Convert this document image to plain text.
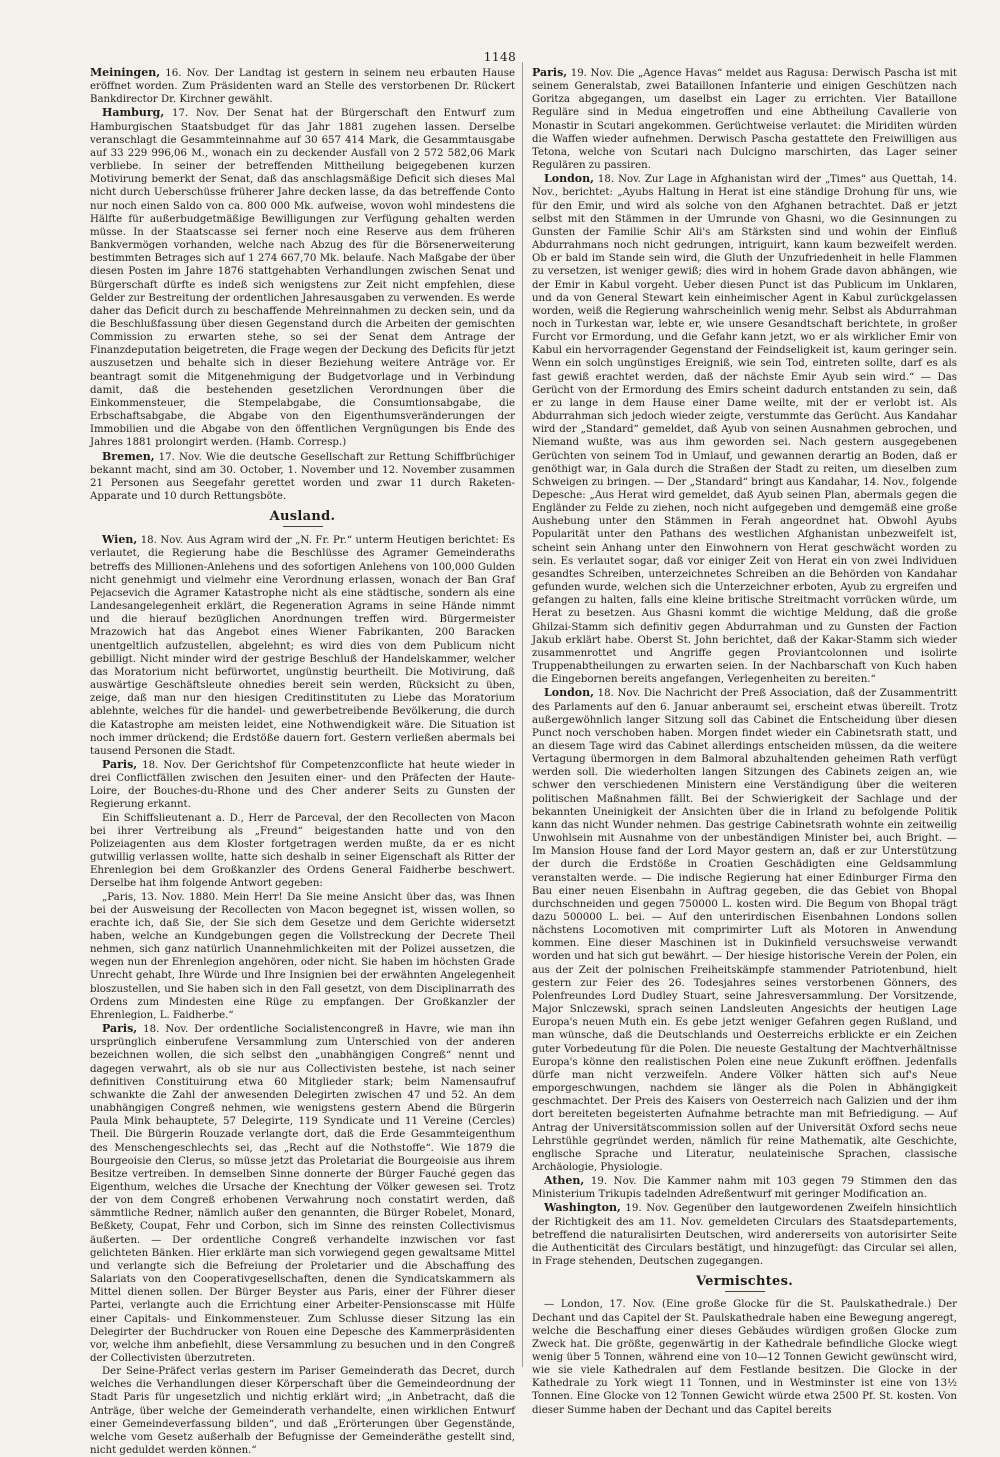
1148

Meiningen, 16. Nov. Der Landtag ist gestern in seinem neu erbauten Hause eröffnet worden. Zum Präsidenten ward an Stelle des verstorbenen Dr. Rückert Bankdirector Dr. Kirchner gewählt.

Hamburg, 17. Nov. Der Senat hat der Bürgerschaft den Entwurf zum Hamburgischen Staatsbudget für das Jahr 1881 zugehen lassen. Derselbe veranschlagt die Gesammteinnahme auf 30 657 414 Mark, die Gesammtausgabe auf 33 229 996,06 M., wonach ein zu deckender Ausfall von 2 572 582,06 Mark verbliebe. In seiner der betreffenden Mittheilung beigegebenen kurzen Motivirung bemerkt der Senat, daß das anschlagsmäßige Deficit sich dieses Mal nicht durch Ueberschüsse früherer Jahre decken lasse, da das betreffende Conto nur noch einen Saldo von ca. 800 000 Mk. aufweise, wovon wohl mindestens die Hälfte für außerbudgetmäßige Bewilligungen zur Verfügung gehalten werden müsse. In der Staatscasse sei ferner noch eine Reserve aus dem früheren Bankvermögen vorhanden, welche nach Abzug des für die Börsenerweiterung bestimmten Betrages sich auf 1 274 667,70 Mk. belaufe. Nach Maßgabe der über diesen Posten im Jahre 1876 stattgehabten Verhandlungen zwischen Senat und Bürgerschaft dürfte es indeß sich wenigstens zur Zeit nicht empfehlen, diese Gelder zur Bestreitung der ordentlichen Jahresausgaben zu verwenden. Es werde daher das Deficit durch zu beschaffende Mehreinnahmen zu decken sein, und da die Beschlußfassung über diesen Gegenstand durch die Arbeiten der gemischten Commission zu erwarten stehe, so sei der Senat dem Antrage der Finanzdeputation beigetreten, die Frage wegen der Deckung des Deficits für jetzt auszusetzen und behalte sich in dieser Beziehung weitere Anträge vor. Er beantragt somit die Mitgenehmigung der Budgetvorlage und in Verbindung damit, daß die bestehenden gesetzlichen Verordnungen über die Einkommensteuer, die Stempelabgabe, die Consumtionsabgabe, die Erbschaftsabgabe, die Abgabe von den Eigenthumsveränderungen der Immobilien und die Abgabe von den öffentlichen Vergnügungen bis Ende des Jahres 1881 prolongirt werden. (Hamb. Corresp.)

Bremen, 17. Nov. Wie die deutsche Gesellschaft zur Rettung Schiffbrüchiger bekannt macht, sind am 30. October, 1. November und 12. November zusammen 21 Personen aus Seegefahr gerettet worden und zwar 11 durch Raketen-Apparate und 10 durch Rettungsböte.

Ausland.

Wien, 18. Nov. Aus Agram wird der „N. Fr. Pr.“ unterm Heutigen berichtet: Es verlautet, die Regierung habe die Beschlüsse des Agramer Gemeinderaths betreffs des Millionen-Anlehens und des sofortigen Anlehens von 100,000 Gulden nicht genehmigt und vielmehr eine Verordnung erlassen, wonach der Ban Graf Pejacsevich die Agramer Katastrophe nicht als eine städtische, sondern als eine Landesangelegenheit erklärt, die Regeneration Agrams in seine Hände nimmt und die hierauf bezüglichen Anordnungen treffen wird. Bürgermeister Mrazowich hat das Angebot eines Wiener Fabrikanten, 200 Baracken unentgeltlich aufzustellen, abgelehnt; es wird dies von dem Publicum nicht gebilligt. Nicht minder wird der gestrige Beschluß der Handelskammer, welcher das Moratorium nicht befürwortet, ungünstig beurtheilt. Die Motivirung, daß auswärtige Geschäftsleute ohnedies bereit sein werden, Rücksicht zu üben, zeige, daß man nur den hiesigen Creditinstituten zu Liebe das Moratorium ablehnte, welches für die handel- und gewerbetreibende Bevölkerung, die durch die Katastrophe am meisten leidet, eine Nothwendigkeit wäre. Die Situation ist noch immer drückend; die Erdstöße dauern fort. Gestern verließen abermals bei tausend Personen die Stadt.

Paris, 18. Nov. Der Gerichtshof für Competenzconflicte hat heute wieder in drei Conflictfällen zwischen den Jesuiten einer- und den Präfecten der Haute-Loire, der Bouches-du-Rhone und des Cher anderer Seits zu Gunsten der Regierung erkannt.

Ein Schiffslieutenant a. D., Herr de Parceval, der den Recollecten von Macon bei ihrer Vertreibung als „Freund“ beigestanden hatte und von den Polizeiagenten aus dem Kloster fortgetragen werden mußte, da er es nicht gutwillig verlassen wollte, hatte sich deshalb in seiner Eigenschaft als Ritter der Ehrenlegion bei dem Großkanzler des Ordens General Faidherbe beschwert. Derselbe hat ihm folgende Antwort gegeben:

„Paris, 13. Nov. 1880. Mein Herr! Da Sie meine Ansicht über das, was Ihnen bei der Ausweisung der Recollecten von Macon begegnet ist, wissen wollen, so erachte ich, daß Sie, der Sie sich dem Gesetze und dem Gerichte widersetzt haben, welche an Kundgebungen gegen die Vollstreckung der Decrete Theil nehmen, sich ganz natürlich Unannehmlichkeiten mit der Polizei aussetzen, die wegen nun der Ehrenlegion angehören, oder nicht. Sie haben im höchsten Grade Unrecht gehabt, Ihre Würde und Ihre Insignien bei der erwähnten Angelegenheit bloszustellen, und Sie haben sich in den Fall gesetzt, von dem Disciplinarrath des Ordens zum Mindesten eine Rüge zu empfangen. Der Großkanzler der Ehrenlegion, L. Faidherbe.“

Paris, 18. Nov. Der ordentliche Socialistencongreß in Havre, wie man ihn ursprünglich einberufene Versammlung zum Unterschied von der anderen bezeichnen wollen, die sich selbst den „unabhängigen Congreß“ nennt und dagegen verwahrt, als ob sie nur aus Collectivisten bestehe, ist nach seiner definitiven Constituirung etwa 60 Mitglieder stark; beim Namensaufruf schwankte die Zahl der anwesenden Delegirten zwischen 47 und 52. An dem unabhängigen Congreß nehmen, wie wenigstens gestern Abend die Bürgerin Paula Mink behauptete, 57 Delegirte, 119 Syndicate und 11 Vereine (Cercles) Theil. Die Bürgerin Rouzade verlangte dort, daß die Erde Gesammteigenthum des Menschengeschlechts sei, das „Recht auf die Nothstoffe“. Wie 1879 die Bourgeoisie den Clerus, so müsse jetzt das Proletariat die Bourgeoisie aus ihrem Besitze vertreiben. In demselben Sinne donnerte der Bürger Fauché gegen das Eigenthum, welches die Ursache der Knechtung der Völker gewesen sei. Trotz der von dem Congreß erhobenen Verwahrung noch constatirt werden, daß sämmtliche Redner, nämlich außer den genannten, die Bürger Robelet, Monard, Beßkety, Coupat, Fehr und Corbon, sich im Sinne des reinsten Collectivismus äußerten. — Der ordentliche Congreß verhandelte inzwischen vor fast gelichteten Bänken. Hier erklärte man sich vorwiegend gegen gewaltsame Mittel und verlangte sich die Befreiung der Proletarier und die Abschaffung des Salariats von den Cooperativgesellschaften, denen die Syndicatskammern als Mittel dienen sollen. Der Bürger Beyster aus Paris, einer der Führer dieser Partei, verlangte auch die Errichtung einer Arbeiter-Pensionscasse mit Hülfe einer Capitals- und Einkommensteuer. Zum Schlusse dieser Sitzung las ein Delegirter der Buchdrucker von Rouen eine Depesche des Kammerpräsidenten vor, welche ihm anbefiehlt, diese Versammlung zu besuchen und in den Congreß der Collectivisten überzutreten.

Der Seine-Präfect verlas gestern im Pariser Gemeinderath das Decret, durch welches die Verhandlungen dieser Körperschaft über die Gemeindeordnung der Stadt Paris für ungesetzlich und nichtig erklärt wird; „in Anbetracht, daß die Anträge, über welche der Gemeinderath verhandelte, einen wirklichen Entwurf einer Gemeindeverfassung bilden“, und daß „Erörterungen über Gegenstände, welche vom Gesetz außerhalb der Befugnisse der Gemeinderäthe gestellt sind, nicht geduldet werden können.“

Paris, 19. Nov. Die „Agence Havas“ meldet aus Ragusa: Derwisch Pascha ist mit seinem Generalstab, zwei Bataillonen Infanterie und einigen Geschützen nach Goritza abgegangen, um daselbst ein Lager zu errichten. Vier Bataillone Reguläre sind in Medua eingetroffen und eine Abtheilung Cavallerie von Monastir in Scutari angekommen. Gerüchtweise verlautet: die Miriditen würden die Waffen wieder aufnehmen. Derwisch Pascha gestattete den Freiwilligen aus Tetona, welche von Scutari nach Dulcigno marschirten, das Lager seiner Regulären zu passiren.

London, 18. Nov. Zur Lage in Afghanistan wird der „Times“ aus Quettah, 14. Nov., berichtet: „Ayubs Haltung in Herat ist eine ständige Drohung für uns, wie für den Emir, und wird als solche von den Afghanen betrachtet. Daß er jetzt selbst mit den Stämmen in der Umrunde von Ghasni, wo die Gesinnungen zu Gunsten der Familie Schir Ali's am Stärksten sind und wohin der Einfluß Abdurrahmans noch nicht gedrungen, intriguirt, kann kaum bezweifelt werden. Ob er bald im Stande sein wird, die Gluth der Unzufriedenheit in helle Flammen zu versetzen, ist weniger gewiß; dies wird in hohem Grade davon abhängen, wie der Emir in Kabul vorgeht. Ueber diesen Punct ist das Publicum im Unklaren, und da von General Stewart kein einheimischer Agent in Kabul zurückgelassen worden, weiß die Regierung wahrscheinlich wenig mehr. Selbst als Abdurrahman noch in Turkestan war, lebte er, wie unsere Gesandtschaft berichtete, in großer Furcht vor Ermordung, und die Gefahr kann jetzt, wo er als wirklicher Emir von Kabul ein hervorragender Gegenstand der Feindseligkeit ist, kaum geringer sein. Wenn ein solch ungünstiges Ereigniß, wie sein Tod, eintreten sollte, darf es als fast gewiß erachtet werden, daß der nächste Emir Ayub sein wird.“ — Das Gerücht von der Ermordung des Emirs scheint dadurch entstanden zu sein, daß er zu lange in dem Hause einer Dame weilte, mit der er verlobt ist. Als Abdurrahman sich jedoch wieder zeigte, verstummte das Gerücht. Aus Kandahar wird der „Standard“ gemeldet, daß Ayub von seinen Ausnahmen gebrochen, und Niemand wußte, was aus ihm geworden sei. Nach gestern ausgegebenen Gerüchten von seinem Tod in Umlauf, und gewannen derartig an Boden, daß er genöthigt war, in Gala durch die Straßen der Stadt zu reiten, um dieselben zum Schweigen zu bringen. — Der „Standard“ bringt aus Kandahar, 14. Nov., folgende Depesche: „Aus Herat wird gemeldet, daß Ayub seinen Plan, abermals gegen die Engländer zu Felde zu ziehen, noch nicht aufgegeben und demgemäß eine große Aushebung unter den Stämmen in Ferah angeordnet hat. Obwohl Ayubs Popularität unter den Pathans des westlichen Afghanistan unbezweifelt ist, scheint sein Anhang unter den Einwohnern von Herat geschwächt worden zu sein. Es verlautet sogar, daß vor einiger Zeit von Herat ein von zwei Individuen gesandtes Schreiben, unterzeichnetes Schreiben an die Behörden von Kandahar gefunden wurde, welchen sich die Unterzeichner erboten, Ayub zu ergreifen und gefangen zu halten, falls eine kleine britische Streitmacht vorrücken würde, um Herat zu besetzen. Aus Ghasni kommt die wichtige Meldung, daß die große Ghilzai-Stamm sich definitiv gegen Abdurrahman und zu Gunsten der Faction Jakub erklärt habe. Oberst St. John berichtet, daß der Kakar-Stamm sich wieder zusammenrottet und Angriffe gegen Proviantcolonnen und isolirte Truppenabtheilungen zu erwarten seien. In der Nachbarschaft von Kuch haben die Eingebornen bereits angefangen, Verlegenheiten zu bereiten.“

London, 18. Nov. Die Nachricht der Preß Association, daß der Zusammentritt des Parlaments auf den 6. Januar anberaumt sei, erscheint etwas übereilt. Trotz außergewöhnlich langer Sitzung soll das Cabinet die Entscheidung über diesen Punct noch verschoben haben. Morgen findet wieder ein Cabinetsrath statt, und an diesem Tage wird das Cabinet allerdings entscheiden müssen, da die weitere Vertagung übermorgen in dem Balmoral abzuhaltenden geheimen Rath verfügt werden soll. Die wiederholten langen Sitzungen des Cabinets zeigen an, wie schwer den verschiedenen Ministern eine Verständigung über die weiteren politischen Maßnahmen fällt. Bei der Schwierigkeit der Sachlage und der bekannten Uneinigkeit der Ansichten über die in Irland zu befolgende Politik kann das nicht Wunder nehmen. Das gestrige Cabinetsrath wohnte ein zeitweilig Unwohlsein mit Ausnahme von der unbeständigen Minister bei, auch Bright. — Im Mansion House fand der Lord Mayor gestern an, daß er zur Unterstützung der durch die Erdstöße in Croatien Geschädigten eine Geldsammlung veranstalten werde. — Die indische Regierung hat einer Edinburger Firma den Bau einer neuen Eisenbahn in Auftrag gegeben, die das Gebiet von Bhopal durchschneiden und gegen 750000 L. kosten wird. Die Begum von Bhopal trägt dazu 500000 L. bei. — Auf den unterirdischen Eisenbahnen Londons sollen nächstens Locomotiven mit comprimirter Luft als Motoren in Anwendung kommen. Eine dieser Maschinen ist in Dukinfield versuchsweise verwandt worden und hat sich gut bewährt. — Der hiesige historische Verein der Polen, ein aus der Zeit der polnischen Freiheitskämpfe stammender Patriotenbund, hielt gestern zur Feier des 26. Todesjahres seines verstorbenen Gönners, des Polenfreundes Lord Dudley Stuart, seine Jahresversammlung. Der Vorsitzende, Major Snlczewski, sprach seinen Landsleuten Angesichts der heutigen Lage Europa's neuen Muth ein. Es gebe jetzt weniger Gefahren gegen Rußland, und man wünsche, daß die Deutschlands und Oesterreichs erblickte er ein Zeichen guter Vorbedeutung für die Polen. Die neueste Gestaltung der Machtverhältnisse Europa's könne den realistischen Polen eine neue Zukunft eröffnen. Jedenfalls dürfe man nicht verzweifeln. Andere Völker hätten sich auf's Neue emporgeschwungen, nachdem sie länger als die Polen in Abhängigkeit geschmachtet. Der Preis des Kaisers von Oesterreich nach Galizien und der ihm dort bereiteten begeisterten Aufnahme betrachte man mit Befriedigung. — Auf Antrag der Universitätscommission sollen auf der Universität Oxford sechs neue Lehrstühle gegründet werden, nämlich für reine Mathematik, alte Geschichte, englische Sprache und Literatur, neulateinische Sprachen, classische Archäologie, Physiologie.

Athen, 19. Nov. Die Kammer nahm mit 103 gegen 79 Stimmen den das Ministerium Trikupis tadelnden Adreßentwurf mit geringer Modification an.

Washington, 19. Nov. Gegenüber den lautgewordenen Zweifeln hinsichtlich der Richtigkeit des am 11. Nov. gemeldeten Circulars des Staatsdepartements, betreffend die naturalisirten Deutschen, wird andererseits von autorisirter Seite die Authenticität des Circulars bestätigt, und hinzugefügt: das Circular sei allen, in Frage stehenden, Deutschen zugegangen.

Vermischtes.

— London, 17. Nov. (Eine große Glocke für die St. Paulskathedrale.) Der Dechant und das Capitel der St. Paulskathedrale haben eine Bewegung angeregt, welche die Beschaffung einer dieses Gebäudes würdigen großen Glocke zum Zweck hat. Die größte, gegenwärtig in der Kathedrale befindliche Glocke wiegt wenig über 5 Tonnen, während eine von 10—12 Tonnen Gewicht gewünscht wird, wie sie viele Kathedralen auf dem Festlande besitzen. Die Glocke in der Kathedrale zu York wiegt 11 Tonnen, und in Westminster ist eine von 13½ Tonnen. Eine Glocke von 12 Tonnen Gewicht würde etwa 2500 Pf. St. kosten. Von dieser Summe haben der Dechant und das Capitel bereits
